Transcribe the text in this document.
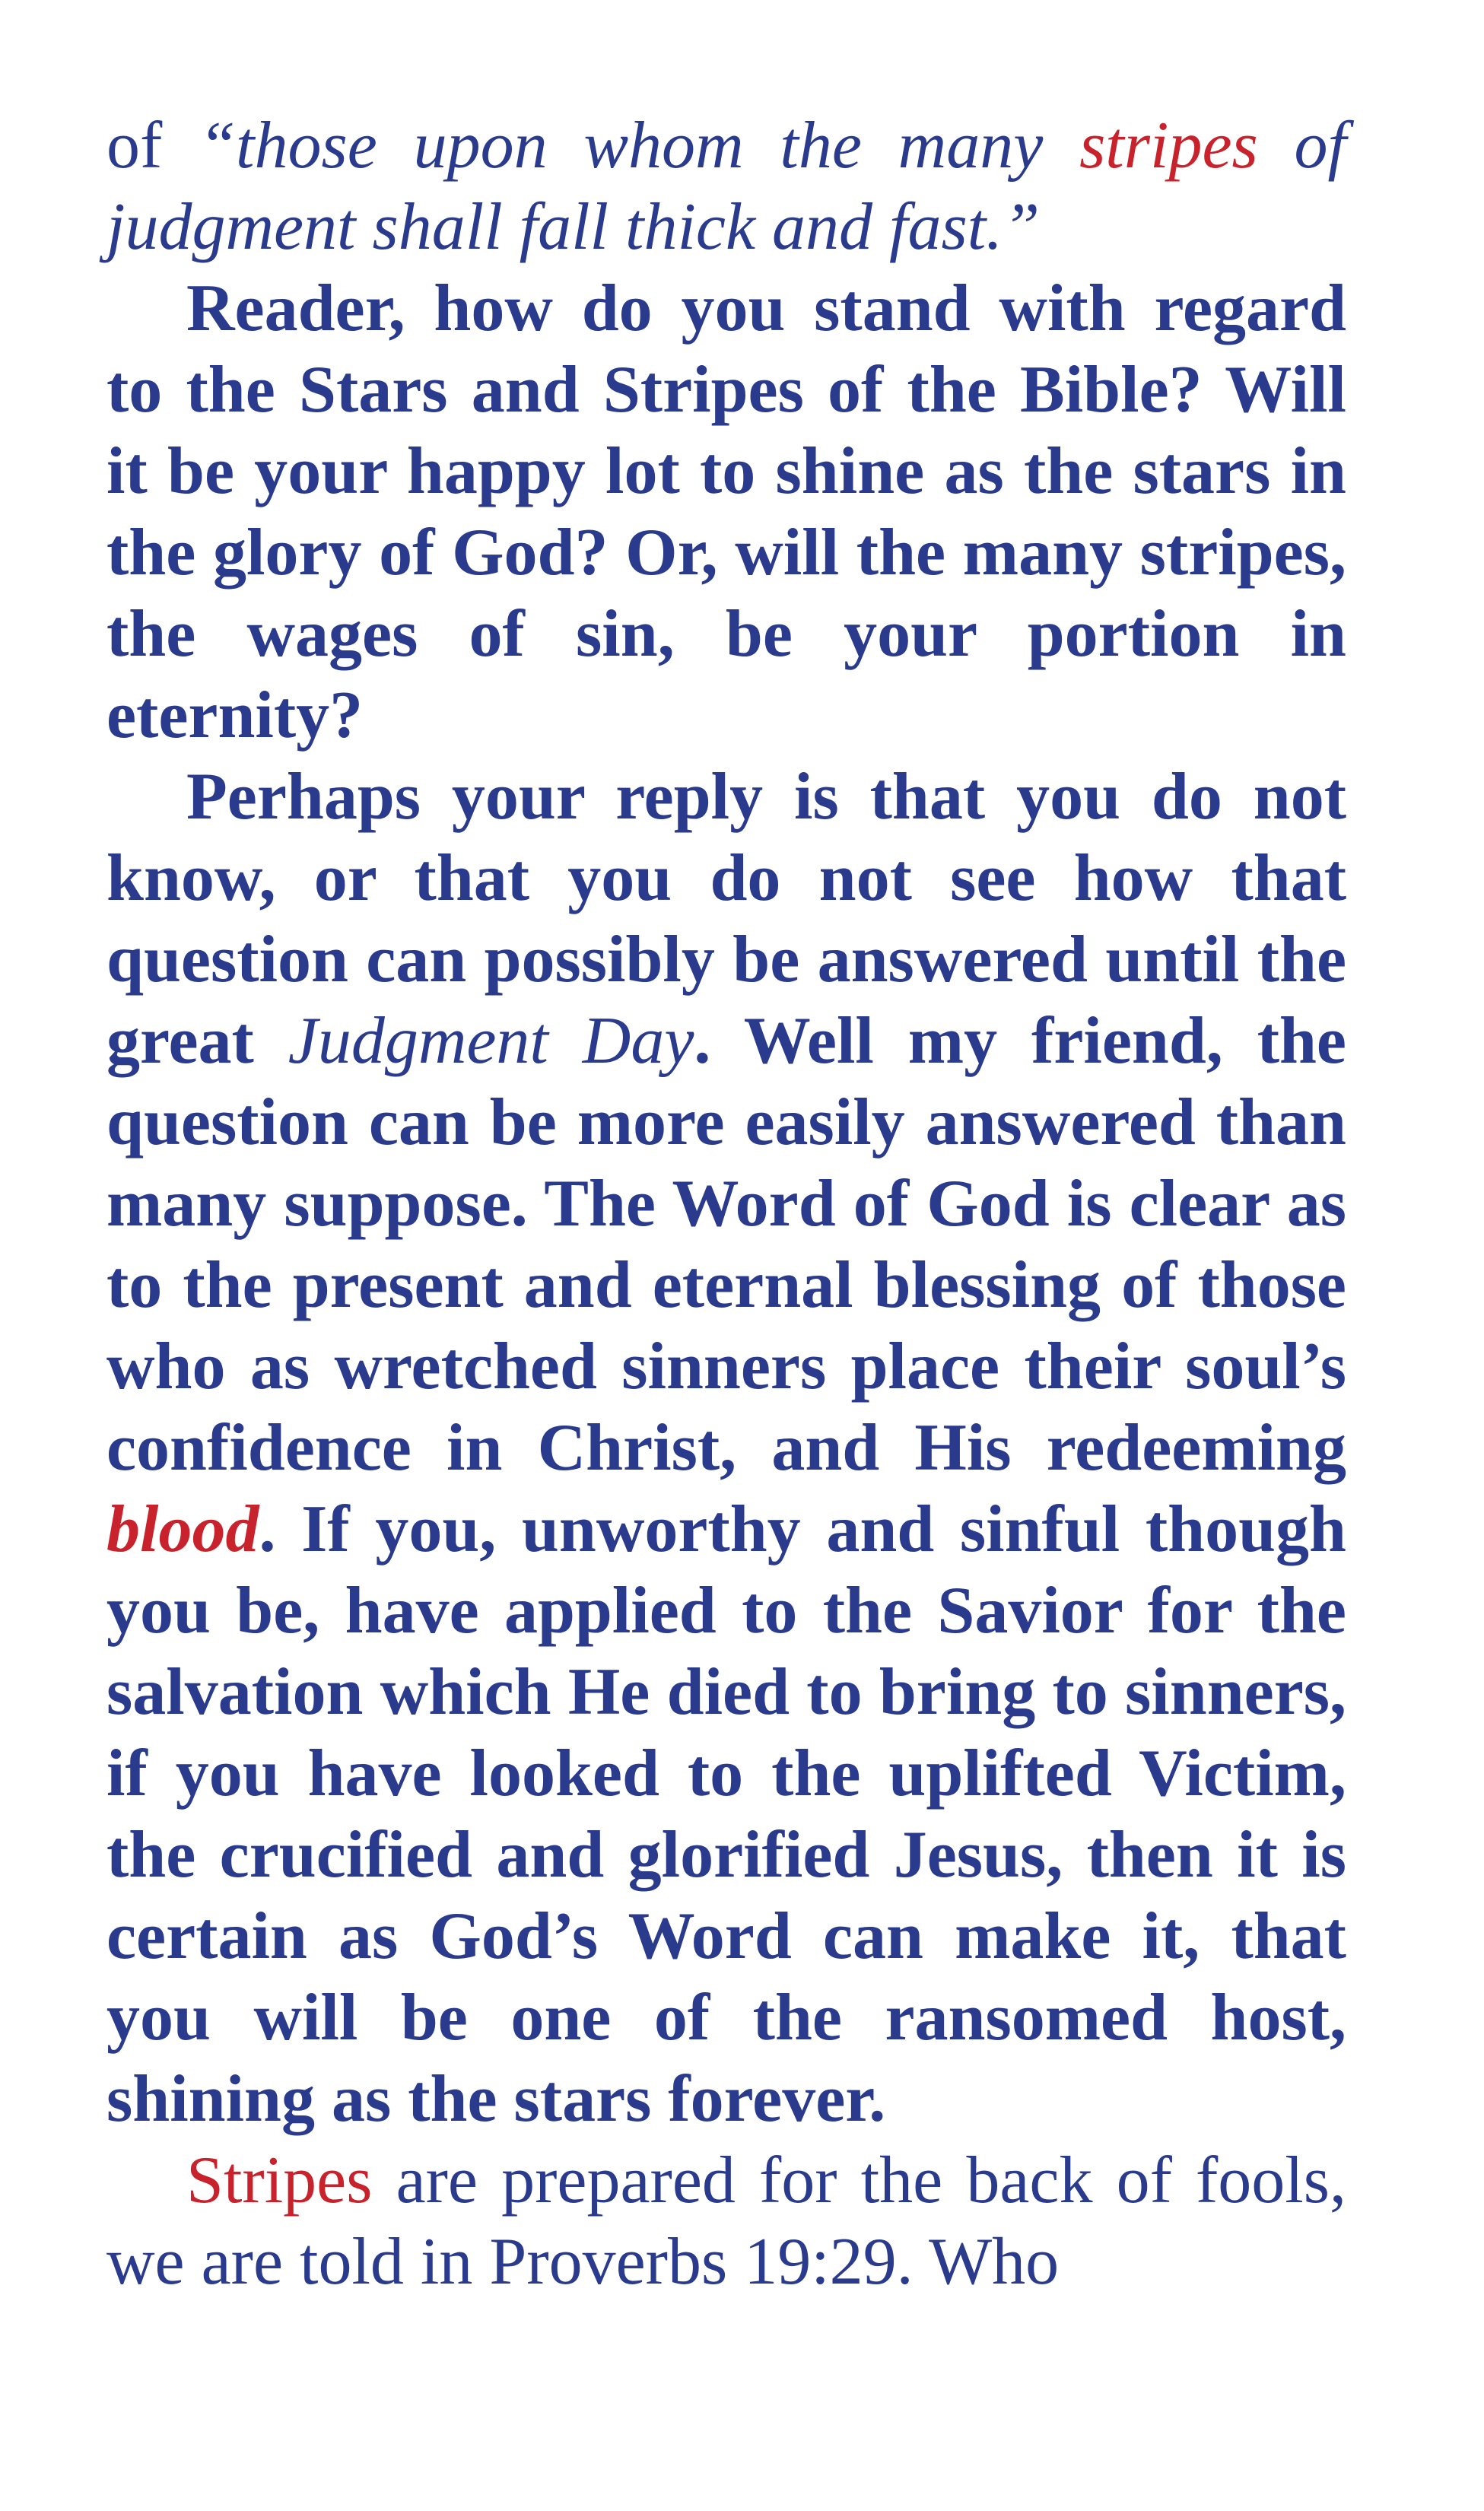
of “those upon whom the many stripes of judgment shall fall thick and fast.”

Reader, how do you stand with regard to the Stars and Stripes of the Bible? Will it be your happy lot to shine as the stars in the glory of God? Or, will the many stripes, the wages of sin, be your portion in eternity?

Perhaps your reply is that you do not know, or that you do not see how that question can possibly be answered until the great Judgment Day. Well my friend, the question can be more easily answered than many suppose. The Word of God is clear as to the present and eternal blessing of those who as wretched sinners place their soul’s confidence in Christ, and His redeeming blood. If you, unworthy and sinful though you be, have applied to the Savior for the salvation which He died to bring to sinners, if you have looked to the uplifted Victim, the crucified and glorified Jesus, then it is certain as God’s Word can make it, that you will be one of the ransomed host, shining as the stars forever.

Stripes are prepared for the back of fools, we are told in Proverbs 19:29. Who
